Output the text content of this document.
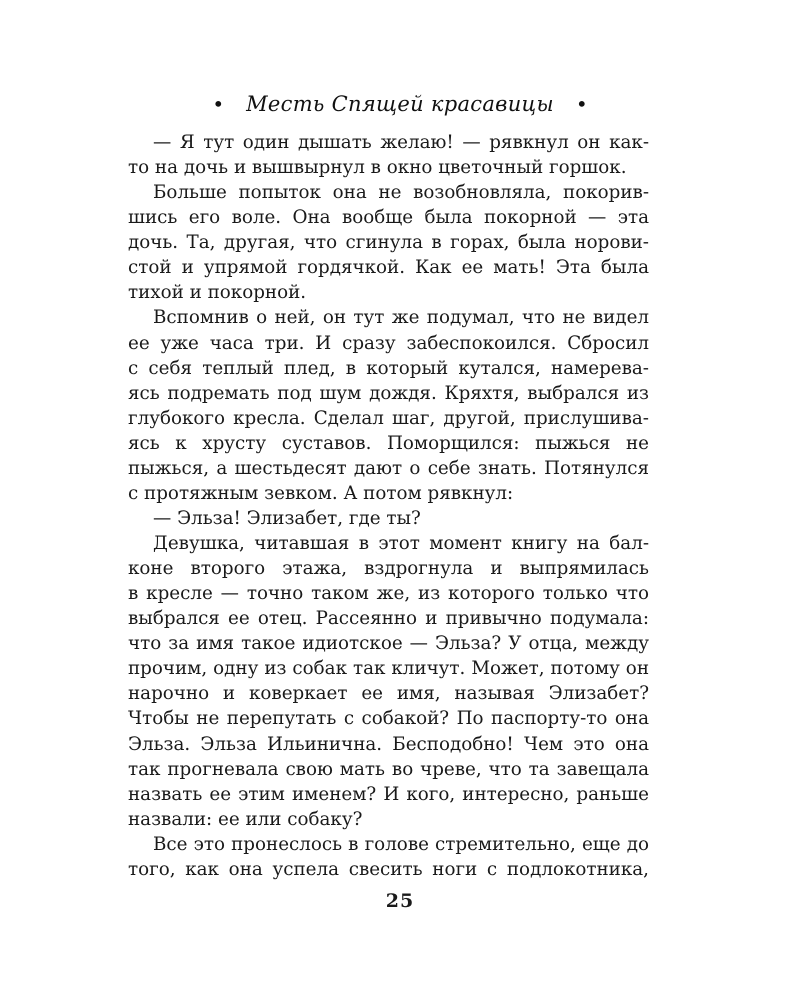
• Месть Спящей красавицы •
— Я тут один дышать желаю! — рявкнул он как-
то на дочь и вышвырнул в окно цветочный горшок.
Больше попыток она не возобновляла, покорив-
шись его воле. Она вообще была покорной — эта
дочь. Та, другая, что сгинула в горах, была норови-
стой и упрямой гордячкой. Как ее мать! Эта была
тихой и покорной.
Вспомнив о ней, он тут же подумал, что не видел
ее уже часа три. И сразу забеспокоился. Сбросил
с себя теплый плед, в который кутался, намерева-
ясь подремать под шум дождя. Кряхтя, выбрался из
глубокого кресла. Сделал шаг, другой, прислушива-
ясь к хрусту суставов. Поморщился: пыжься не
пыжься, а шестьдесят дают о себе знать. Потянулся
с протяжным зевком. А потом рявкнул:
— Эльза! Элизабет, где ты?
Девушка, читавшая в этот момент книгу на бал-
коне второго этажа, вздрогнула и выпрямилась
в кресле — точно таком же, из которого только что
выбрался ее отец. Рассеянно и привычно подумала:
что за имя такое идиотское — Эльза? У отца, между
прочим, одну из собак так кличут. Может, потому он
нарочно и коверкает ее имя, называя Элизабет?
Чтобы не перепутать с собакой? По паспорту-то она
Эльза. Эльза Ильинична. Бесподобно! Чем это она
так прогневала свою мать во чреве, что та завещала
назвать ее этим именем? И кого, интересно, раньше
назвали: ее или собаку?
Все это пронеслось в голове стремительно, еще до
того, как она успела свесить ноги с подлокотника,
25
